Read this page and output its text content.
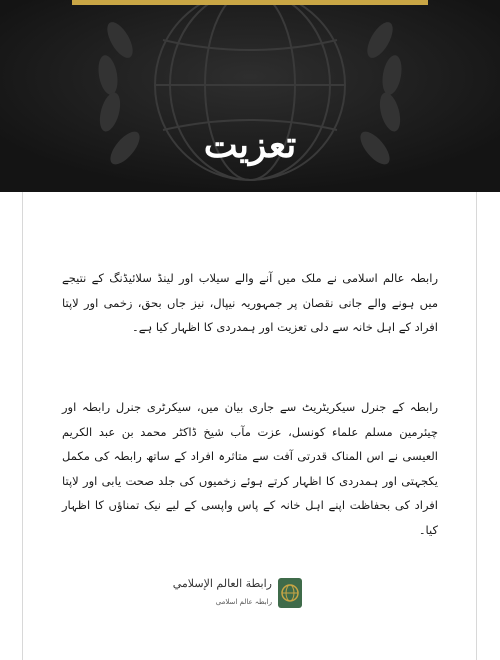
تعزیت
رابطہ عالم اسلامی نے ملک میں آنے والے سیلاب اور لینڈ سلائیڈنگ کے نتیجے میں ہونے والے جانی نقصان پر جمہوریہ نیپال، نیز جاں بحق، زخمی اور لاپتا افراد کے اہل خانہ سے دلی تعزیت اور ہمدردی کا اظہار کیا ہے۔
رابطہ کے جنرل سیکریٹریٹ سے جاری بیان میں، سیکرٹری جنرل رابطہ اور چیئرمین مسلم علماء کونسل، عزت مآب شیخ ڈاکٹر محمد بن عبد الکریم العیسی نے اس المناک قدرتی آفت سے متاثرہ افراد کے ساتھ رابطہ کی مکمل یکجہتی اور ہمدردی کا اظہار کرتے ہوئے زخمیوں کی جلد صحت یابی اور لاپتا افراد کی بحفاظت اپنے اہل خانہ کے پاس واپسی کے لیے نیک تمناؤں کا اظہار کیا۔
رابطة العالم الإسلامي
رابطہ عالم اسلامی
